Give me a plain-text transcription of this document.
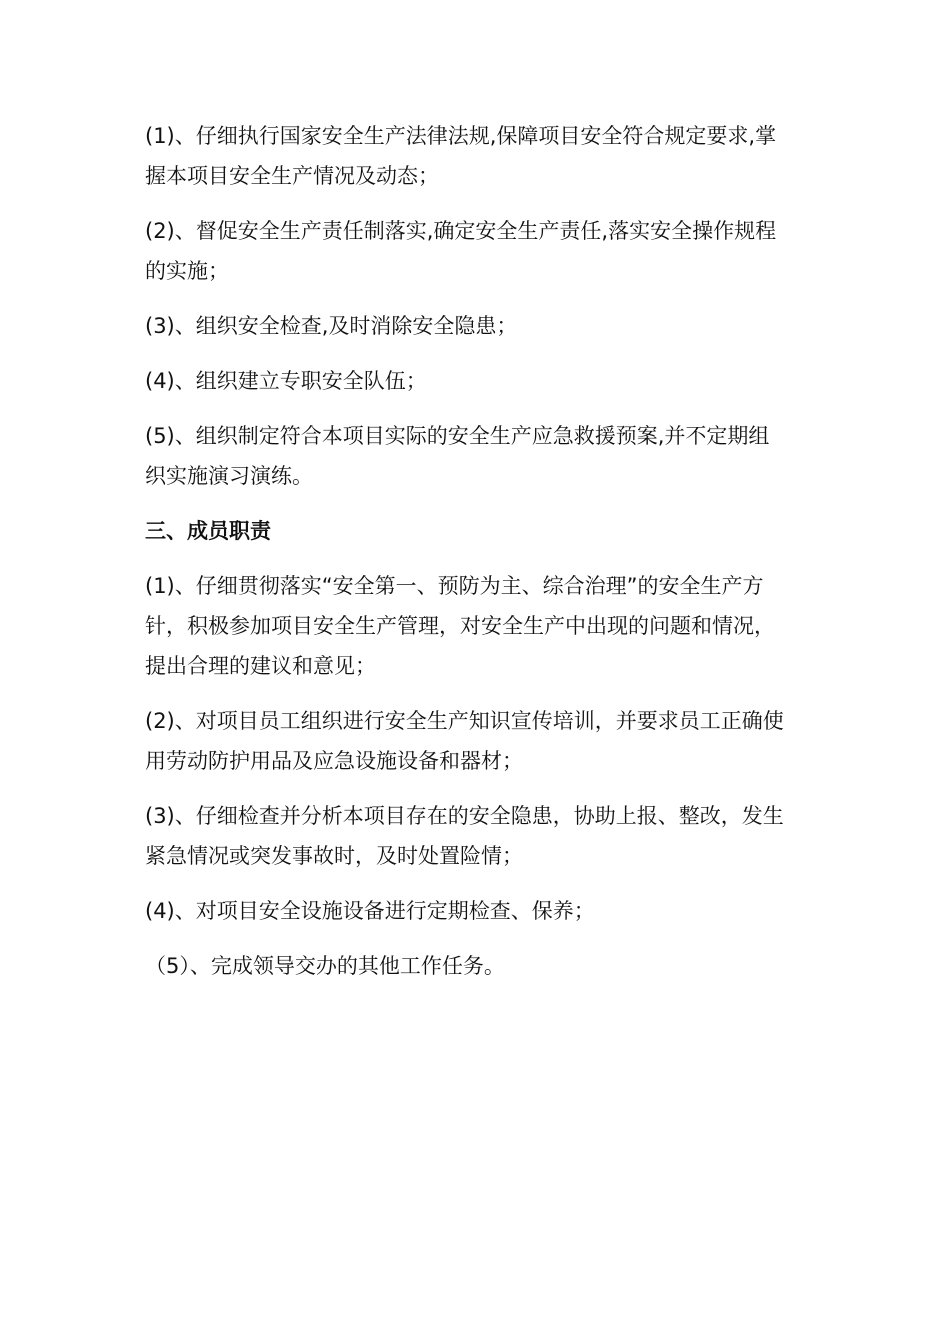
(1)、仔细执行国家安全生产法律法规,保障项目安全符合规定要求,掌握本项目安全生产情况及动态；

(2)、督促安全生产责任制落实,确定安全生产责任,落实安全操作规程的实施；

(3)、组织安全检查,及时消除安全隐患；

(4)、组织建立专职安全队伍；

(5)、组织制定符合本项目实际的安全生产应急救援预案,并不定期组织实施演习演练。

三、成员职责

(1)、仔细贯彻落实“安全第一、预防为主、综合治理”的安全生产方针，积极参加项目安全生产管理，对安全生产中出现的问题和情况，提出合理的建议和意见；

(2)、对项目员工组织进行安全生产知识宣传培训，并要求员工正确使用劳动防护用品及应急设施设备和器材；

(3)、仔细检查并分析本项目存在的安全隐患，协助上报、整改，发生紧急情况或突发事故时，及时处置险情；

(4)、对项目安全设施设备进行定期检查、保养；

（5）、完成领导交办的其他工作任务。
